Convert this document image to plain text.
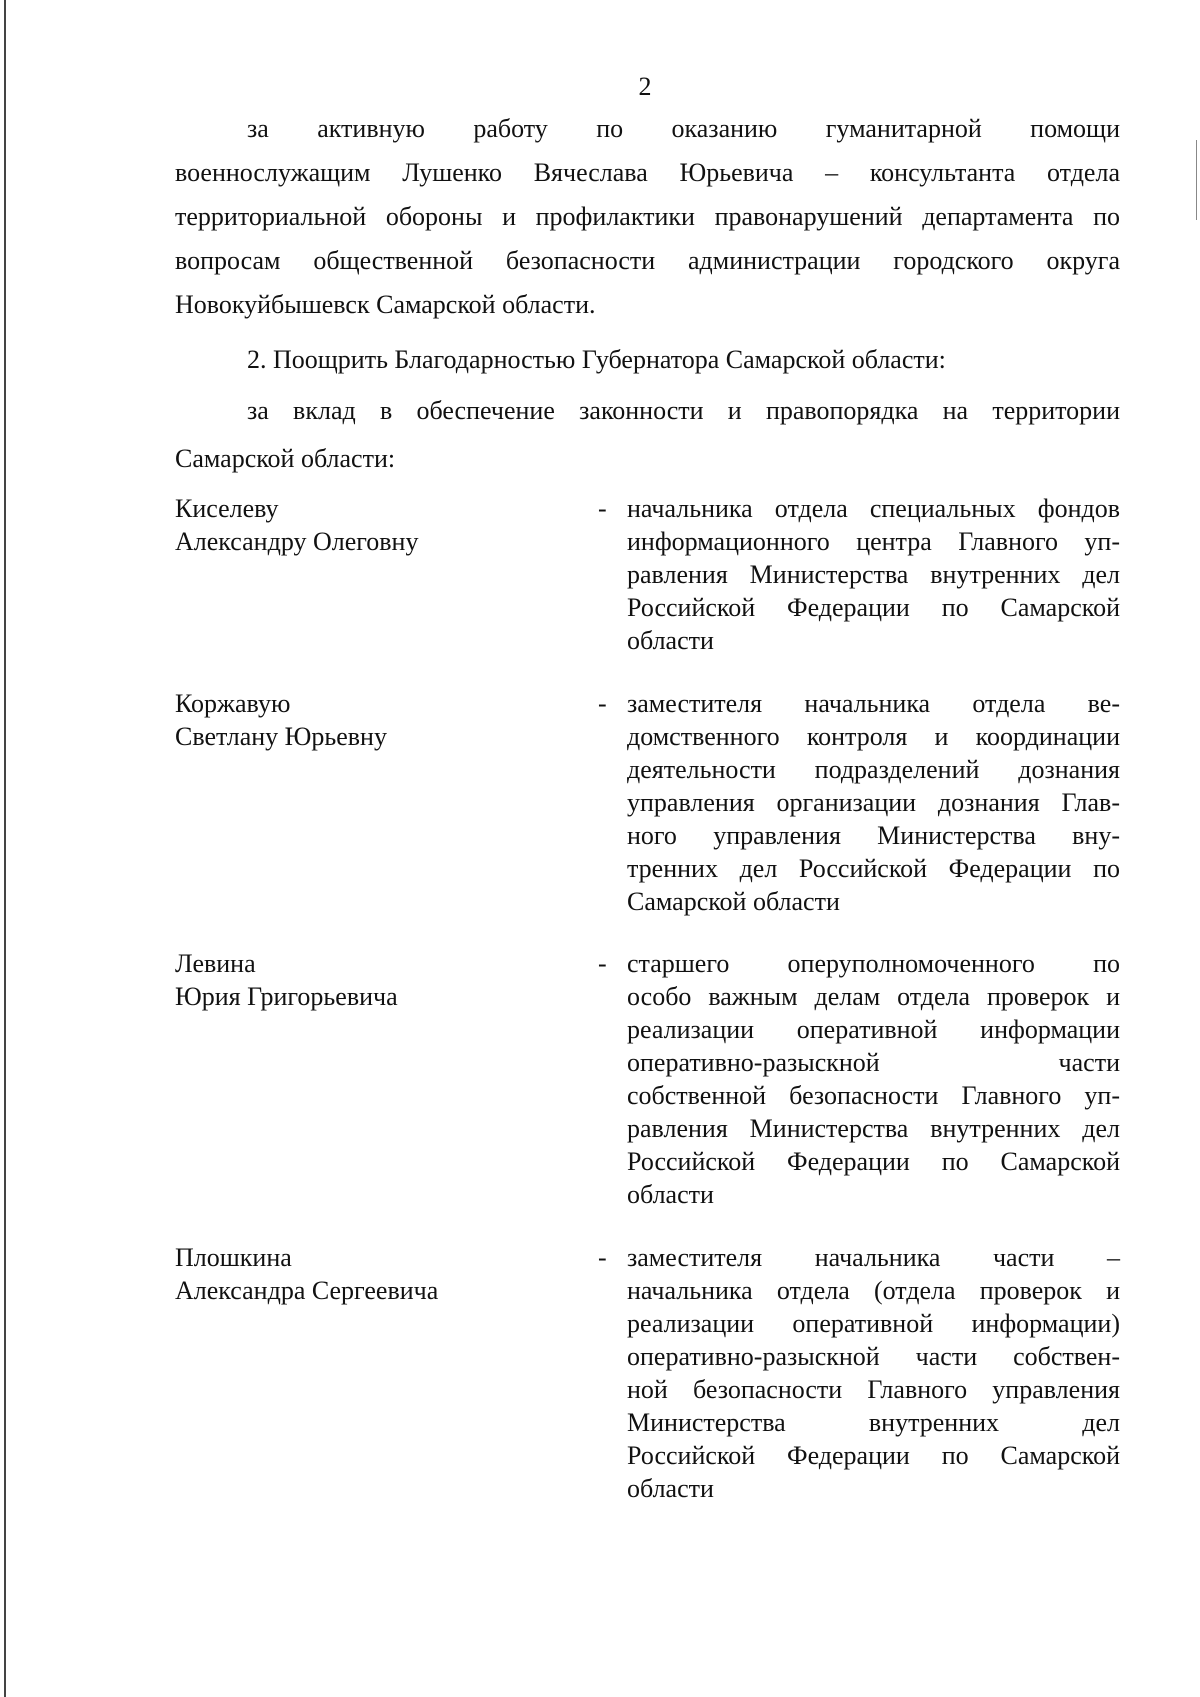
2

за активную работу по оказанию гуманитарной помощи

военнослужащим Лушенко Вячеслава Юрьевича – консультанта отдела

территориальной обороны и профилактики правонарушений департамента по

вопросам общественной безопасности администрации городского округа

Новокуйбышевск Самарской области.

2. Поощрить Благодарностью Губернатора Самарской области:

за вклад в обеспечение законности и правопорядка на территории

Самарской области:

Киселеву
Александру Олеговну

- начальника отдела специальных фондов
информационного центра Главного уп-
равления Министерства внутренних дел
Российской Федерации по Самарской
области
Коржавую
Светлану Юрьевну

- заместителя начальника отдела ве-
домственного контроля и координации
деятельности подразделений дознания
управления организации дознания Глав-
ного управления Министерства вну-
тренних дел Российской Федерации по
Самарской области
Левина
Юрия Григорьевича

- старшего оперуполномоченного по
особо важным делам отдела проверок и
реализации оперативной информации
оперативно-разыскной части
собственной безопасности Главного уп-
равления Министерства внутренних дел
Российской Федерации по Самарской
области
Плошкина
Александра Сергеевича

- заместителя начальника части –
начальника отдела (отдела проверок и
реализации оперативной информации)
оперативно-разыскной части собствен-
ной безопасности Главного управления
Министерства внутренних дел
Российской Федерации по Самарской
области
